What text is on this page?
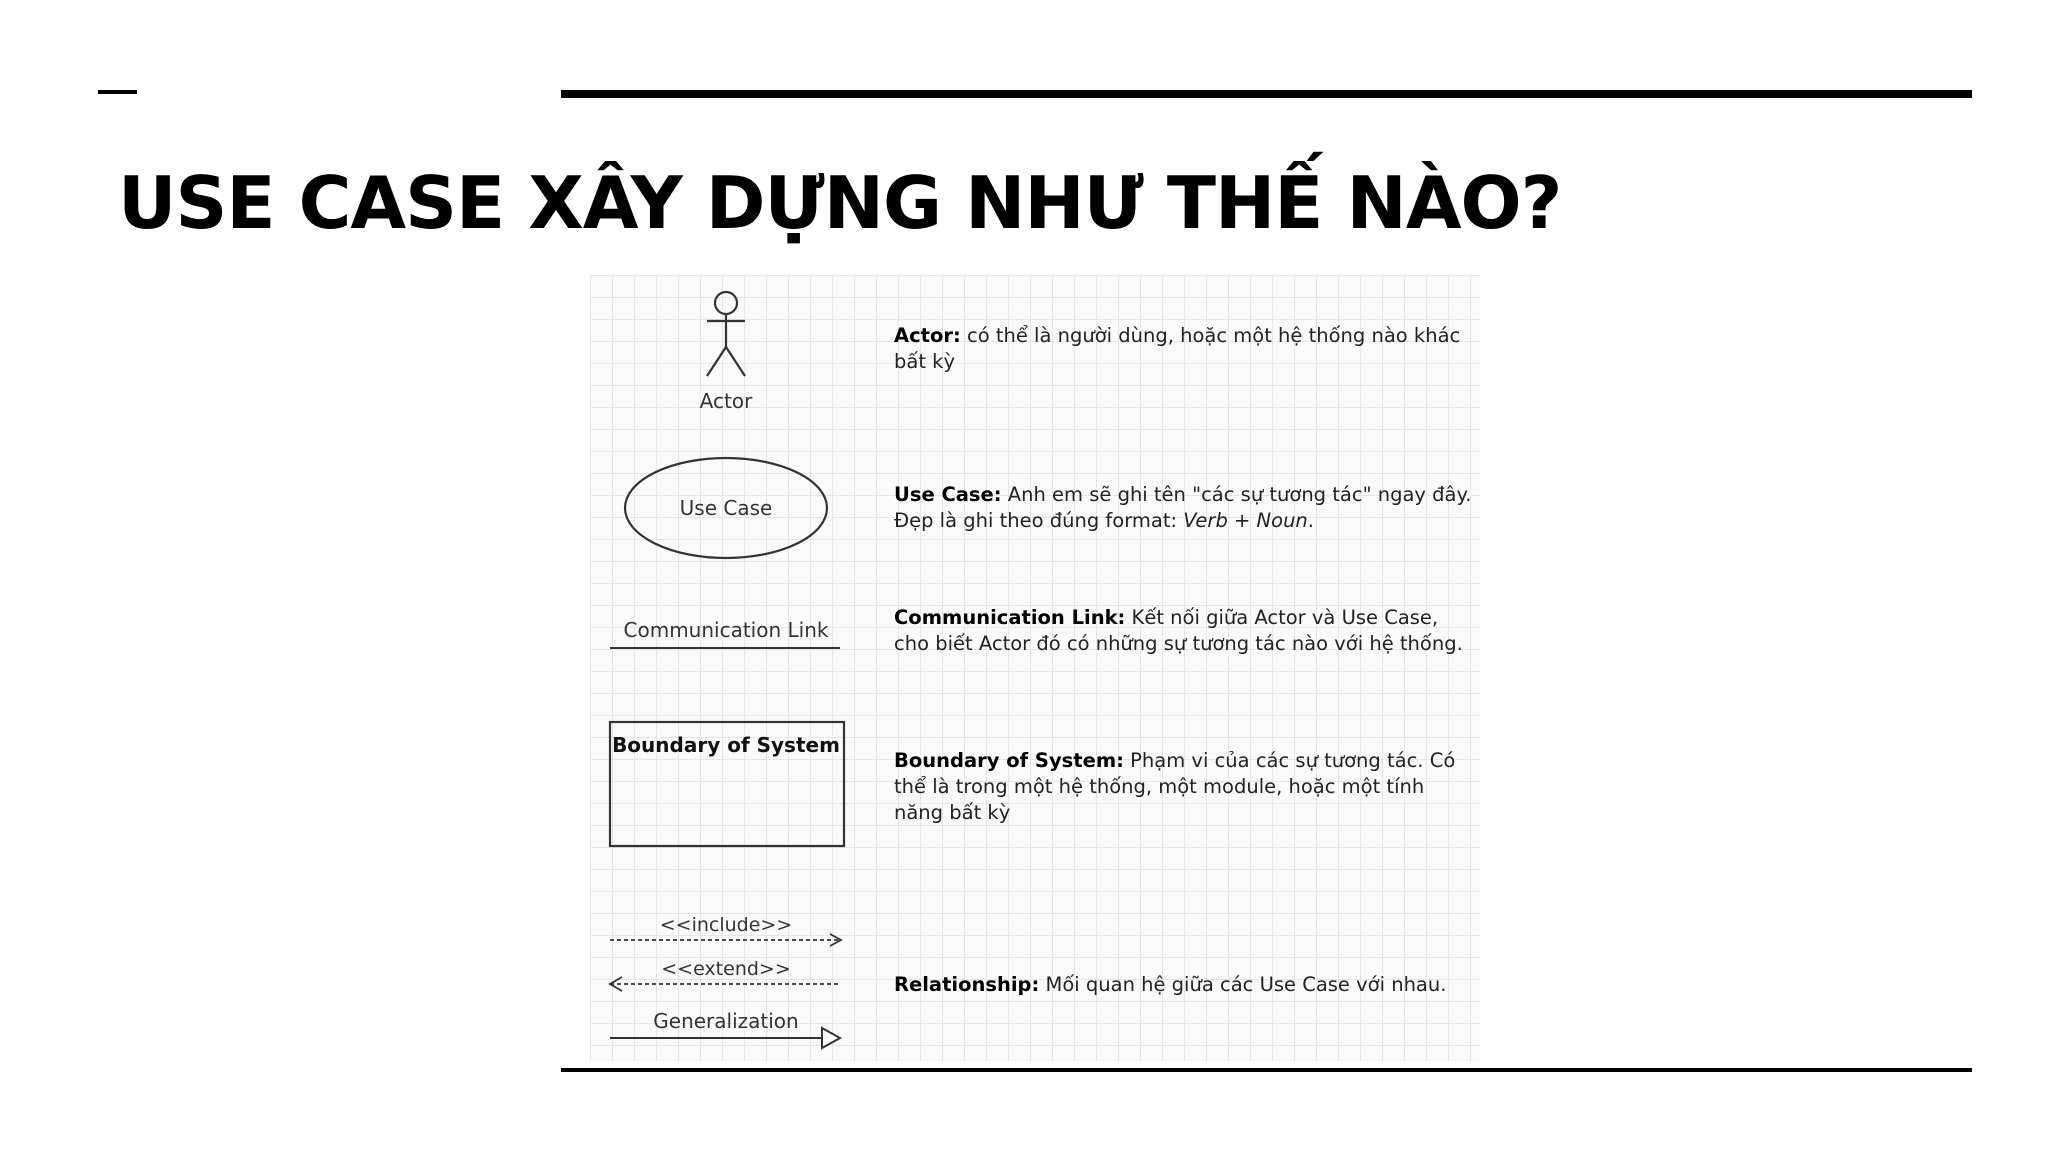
USE CASE XÂY DỰNG NHƯ THẾ NÀO?
Actor
Use Case
Communication Link
Boundary of System
<<include>>
<<extend>>
Generalization
Actor: có thể là người dùng, hoặc một hệ thống nào khác bất kỳ
Use Case: Anh em sẽ ghi tên "các sự tương tác" ngay đây. Đẹp là ghi theo đúng format: Verb + Noun.
Communication Link: Kết nối giữa Actor và Use Case, cho biết Actor đó có những sự tương tác nào với hệ thống.
Boundary of System: Phạm vi của các sự tương tác. Có thể là trong một hệ thống, một module, hoặc một tính năng bất kỳ
Relationship: Mối quan hệ giữa các Use Case với nhau.
